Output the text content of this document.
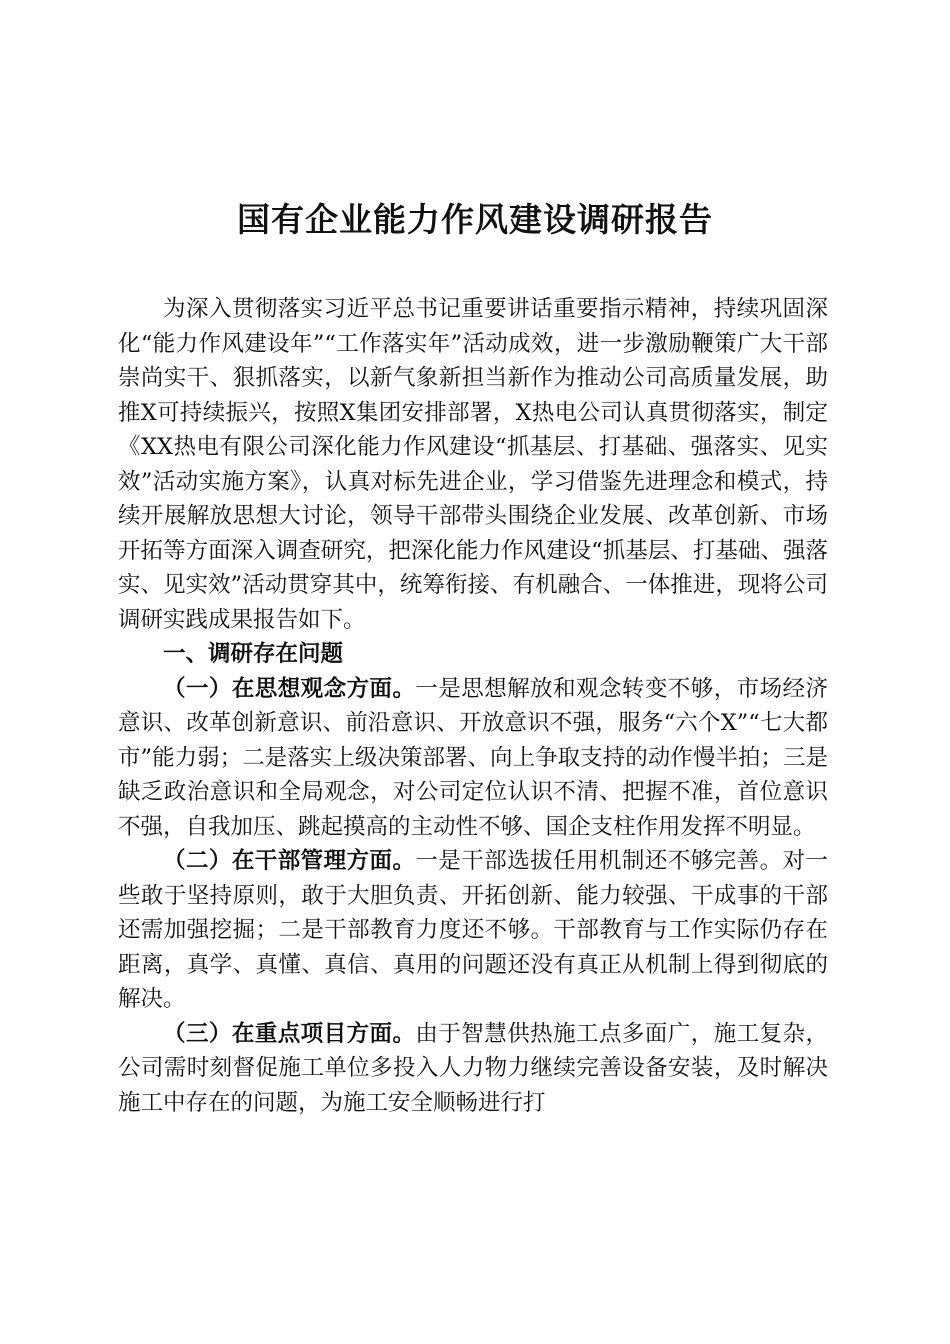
国有企业能力作风建设调研报告

为深入贯彻落实习近平总书记重要讲话重要指示精神，持续巩固深化“能力作风建设年”“工作落实年”活动成效，进一步激励鞭策广大干部崇尚实干、狠抓落实，以新气象新担当新作为推动公司高质量发展，助推X可持续振兴，按照X集团安排部署，X热电公司认真贯彻落实，制定《XX热电有限公司深化能力作风建设“抓基层、打基础、强落实、见实效”活动实施方案》，认真对标先进企业，学习借鉴先进理念和模式，持续开展解放思想大讨论，领导干部带头围绕企业发展、改革创新、市场开拓等方面深入调查研究，把深化能力作风建设“抓基层、打基础、强落实、见实效”活动贯穿其中，统筹衔接、有机融合、一体推进，现将公司调研实践成果报告如下。

一、调研存在问题

（一）在思想观念方面。一是思想解放和观念转变不够，市场经济意识、改革创新意识、前沿意识、开放意识不强，服务“六个X”“七大都市”能力弱；二是落实上级决策部署、向上争取支持的动作慢半拍；三是缺乏政治意识和全局观念，对公司定位认识不清、把握不准，首位意识不强，自我加压、跳起摸高的主动性不够、国企支柱作用发挥不明显。

（二）在干部管理方面。一是干部选拔任用机制还不够完善。对一些敢于坚持原则，敢于大胆负责、开拓创新、能力较强、干成事的干部还需加强挖掘；二是干部教育力度还不够。干部教育与工作实际仍存在距离，真学、真懂、真信、真用的问题还没有真正从机制上得到彻底的解决。

（三）在重点项目方面。由于智慧供热施工点多面广，施工复杂，公司需时刻督促施工单位多投入人力物力继续完善设备安装，及时解决施工中存在的问题，为施工安全顺畅进行打
